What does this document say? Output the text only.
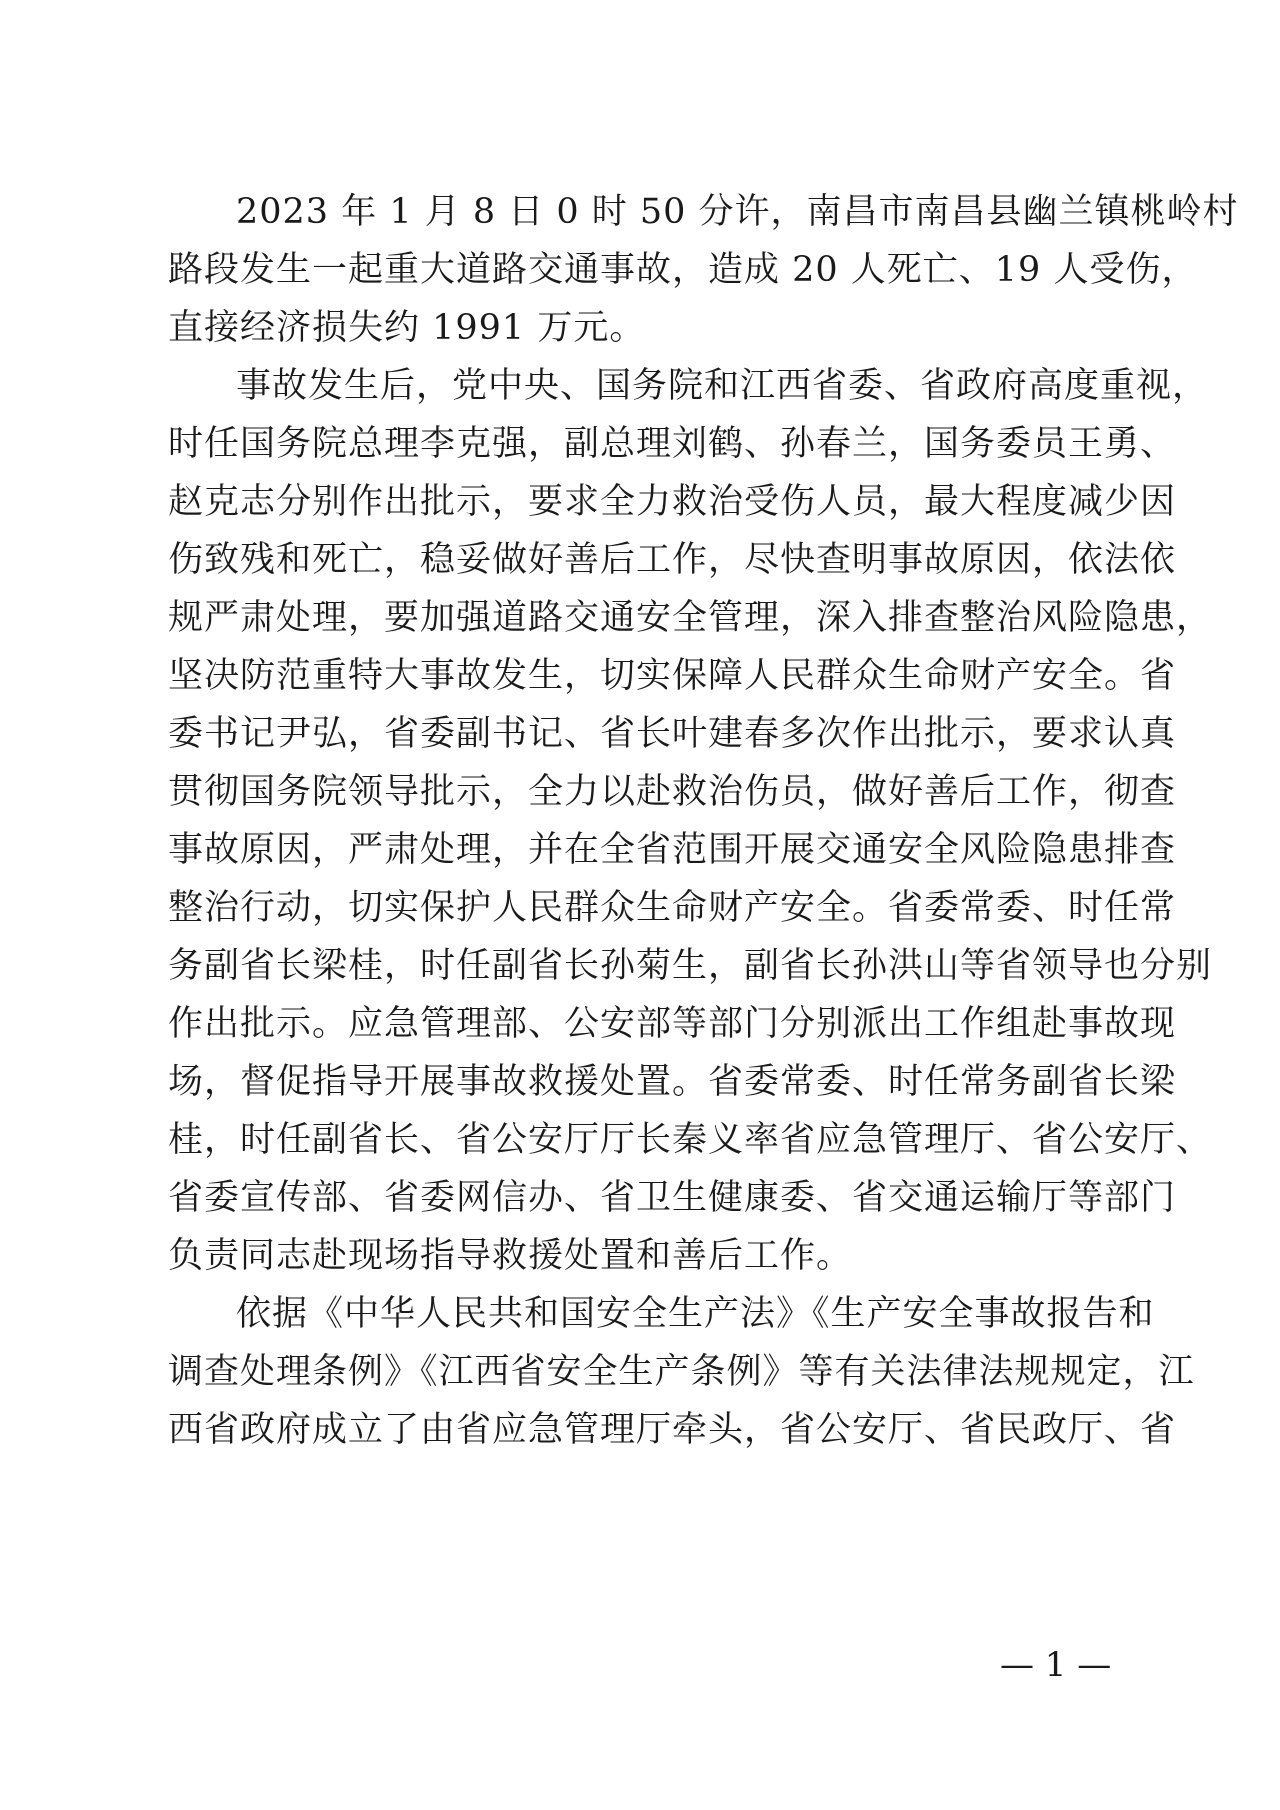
2023 年 1 月 8 日 0 时 50 分许，南昌市南昌县幽兰镇桃岭村

路段发生一起重大道路交通事故，造成 20 人死亡、19 人受伤，

直接经济损失约 1991 万元。

事故发生后，党中央、国务院和江西省委、省政府高度重视，

时任国务院总理李克强，副总理刘鹤、孙春兰，国务委员王勇、

赵克志分别作出批示，要求全力救治受伤人员，最大程度减少因

伤致残和死亡，稳妥做好善后工作，尽快查明事故原因，依法依

规严肃处理，要加强道路交通安全管理，深入排查整治风险隐患，

坚决防范重特大事故发生，切实保障人民群众生命财产安全。省

委书记尹弘，省委副书记、省长叶建春多次作出批示，要求认真

贯彻国务院领导批示，全力以赴救治伤员，做好善后工作，彻查

事故原因，严肃处理，并在全省范围开展交通安全风险隐患排查

整治行动，切实保护人民群众生命财产安全。省委常委、时任常

务副省长梁桂，时任副省长孙菊生，副省长孙洪山等省领导也分别

作出批示。应急管理部、公安部等部门分别派出工作组赴事故现

场，督促指导开展事故救援处置。省委常委、时任常务副省长梁

桂，时任副省长、省公安厅厅长秦义率省应急管理厅、省公安厅、

省委宣传部、省委网信办、省卫生健康委、省交通运输厅等部门

负责同志赴现场指导救援处置和善后工作。

依据《中华人民共和国安全生产法》《生产安全事故报告和

调查处理条例》《江西省安全生产条例》等有关法律法规规定，江

西省政府成立了由省应急管理厅牵头，省公安厅、省民政厅、省

— 1 —
